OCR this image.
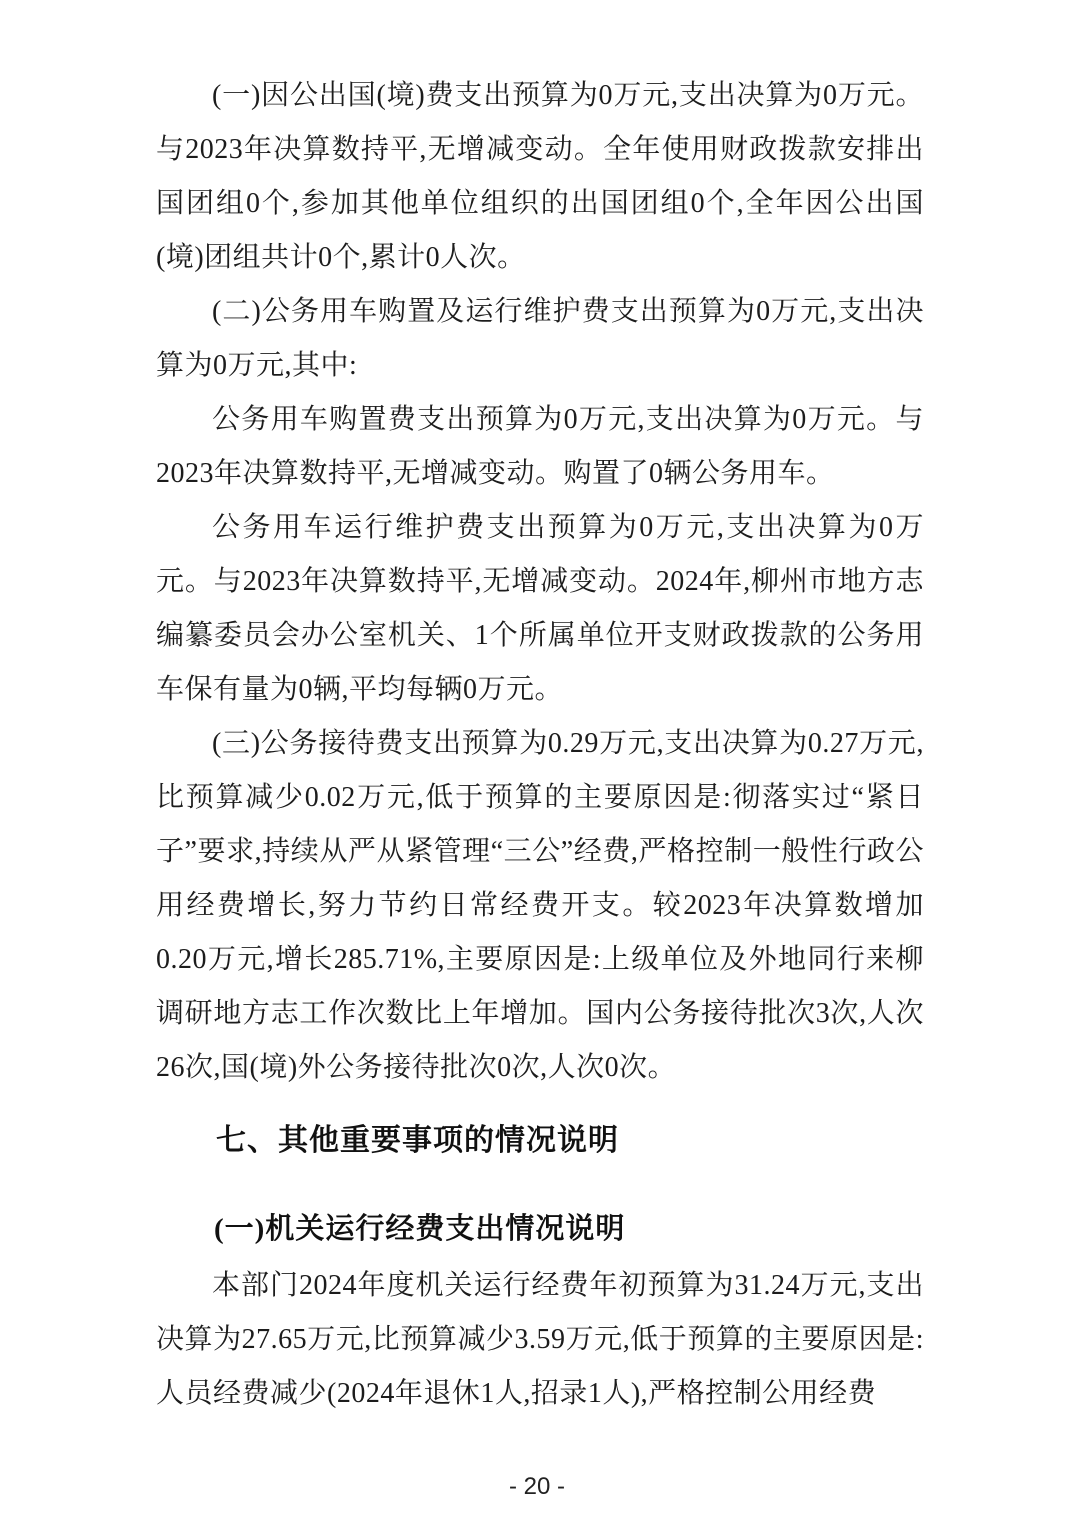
(一)因公出国(境)费支出预算为0万元,支出决算为0万元。与2023年决算数持平,无增减变动。全年使用财政拨款安排出国团组0个,参加其他单位组织的出国团组0个,全年因公出国(境)团组共计0个,累计0人次。

(二)公务用车购置及运行维护费支出预算为0万元,支出决算为0万元,其中:

公务用车购置费支出预算为0万元,支出决算为0万元。与2023年决算数持平,无增减变动。购置了0辆公务用车。

公务用车运行维护费支出预算为0万元,支出决算为0万元。与2023年决算数持平,无增减变动。2024年,柳州市地方志编纂委员会办公室机关、1个所属单位开支财政拨款的公务用车保有量为0辆,平均每辆0万元。

(三)公务接待费支出预算为0.29万元,支出决算为0.27万元,比预算减少0.02万元,低于预算的主要原因是:彻落实过“紧日子”要求,持续从严从紧管理“三公”经费,严格控制一般性行政公用经费增长,努力节约日常经费开支。较2023年决算数增加0.20万元,增长285.71%,主要原因是:上级单位及外地同行来柳调研地方志工作次数比上年增加。国内公务接待批次3次,人次26次,国(境)外公务接待批次0次,人次0次。

七、其他重要事项的情况说明
(一)机关运行经费支出情况说明

本部门2024年度机关运行经费年初预算为31.24万元,支出决算为27.65万元,比预算减少3.59万元,低于预算的主要原因是:人员经费减少(2024年退休1人,招录1人),严格控制公用经费

- 20 -
